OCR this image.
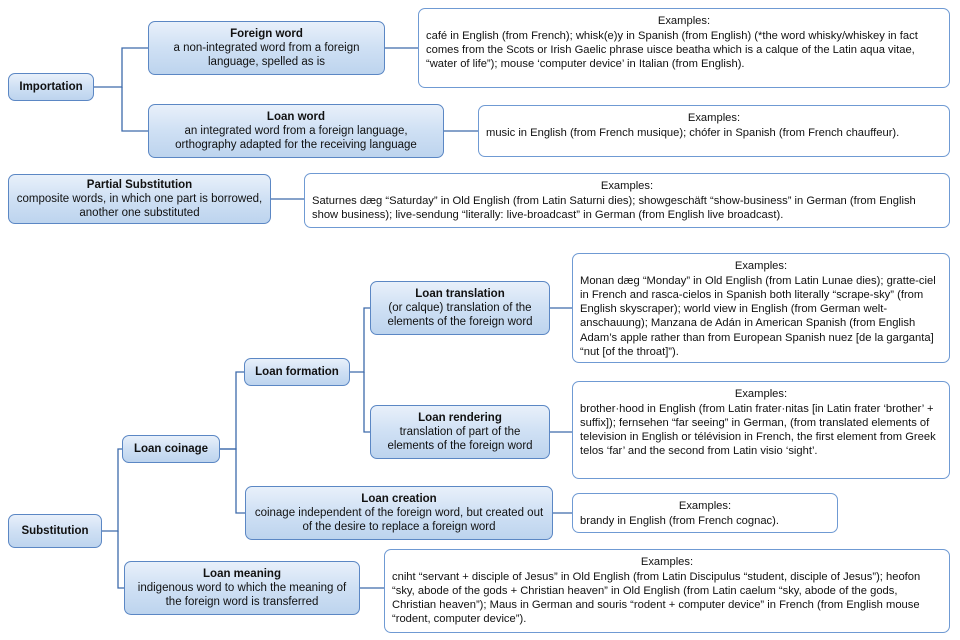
Importation
Foreign word
a non-integrated word from a foreign language, spelled as is
Examples:
café in English (from French); whisk(e)y in Spanish (from English) (*the word whisky/whiskey in fact comes from the Scots or Irish Gaelic phrase uisce beatha which is a calque of the Latin aqua vitae, “water of life”); mouse ‘computer device’ in Italian (from English).
Loan word
an integrated word from a foreign language, orthography adapted for the receiving language
Examples:
music in English (from French musique); chófer in Spanish (from French chauffeur).
Partial Substitution
composite words, in which one part is borrowed, another one substituted
Examples:
Saturnes dæg “Saturday” in Old English (from Latin Saturni dies); showgeschäft “show-business” in German (from English show business); live-sendung “literally: live-broadcast” in German (from English live broadcast).
Substitution
Loan coinage
Loan formation
Loan translation
(or calque) translation of the elements of the foreign word
Examples:
Monan dæg “Monday” in Old English (from Latin Lunae dies); gratte-ciel in French and rasca-cielos in Spanish both literally “scrape-sky” (from English skyscraper); world view in English (from German welt-anschauung); Manzana de Adán in American Spanish (from English Adam’s apple rather than from European Spanish nuez [de la garganta] “nut [of the throat]”).
Loan rendering
translation of part of the elements of the foreign word
Examples:
brother·hood in English (from Latin frater·nitas [in Latin frater ‘brother’ + suffix]); fernsehen “far seeing” in German, (from translated elements of television in English or télévision in French, the first element from Greek telos ‘far’ and the second from Latin visio ‘sight’.
Loan creation
coinage independent of the foreign word, but created out of the desire to replace a foreign word
Examples:
brandy in English (from French cognac).
Loan meaning
indigenous word to which the meaning of the foreign word is transferred
Examples:
cniht “servant + disciple of Jesus” in Old English (from Latin Discipulus “student, disciple of Jesus”); heofon “sky, abode of the gods + Christian heaven” in Old English (from Latin caelum “sky, abode of the gods, Christian heaven”); Maus in German and souris “rodent + computer device” in French (from English mouse “rodent, computer device”).
